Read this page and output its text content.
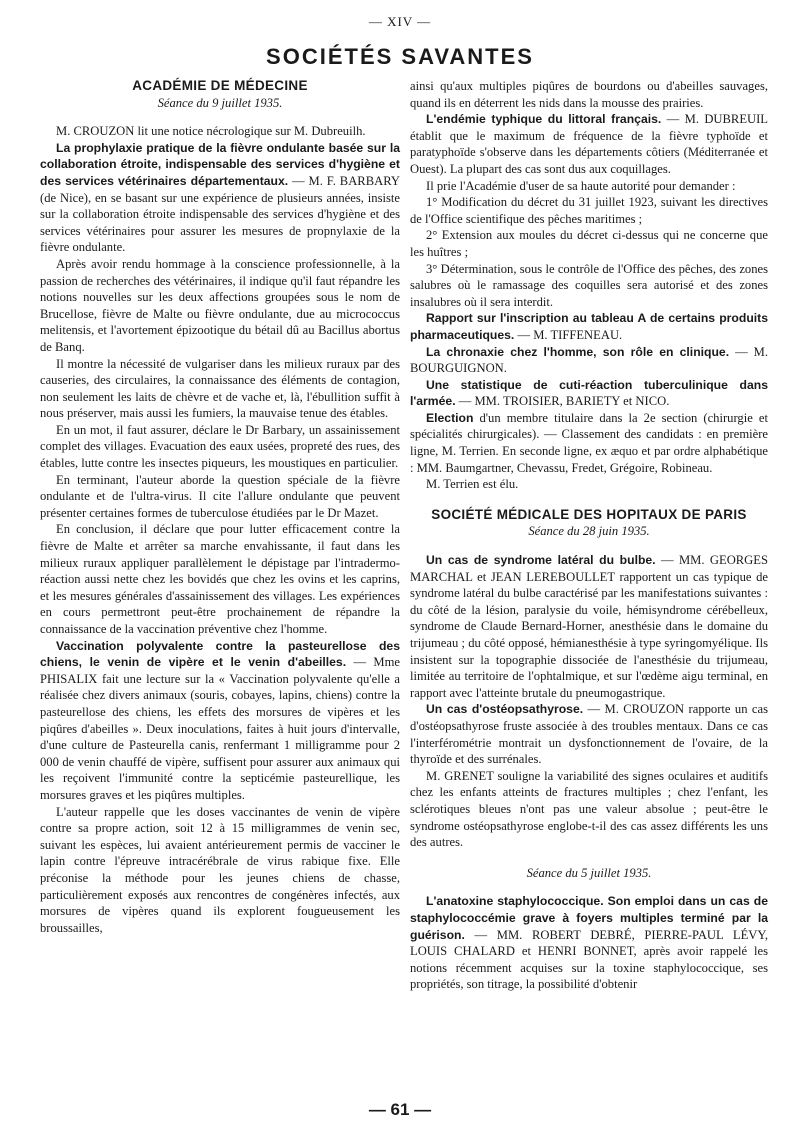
— XIV —
SOCIÉTÉS SAVANTES
ACADÉMIE DE MÉDECINE
Séance du 9 juillet 1935.

M. CROUZON lit une notice nécrologique sur M. Dubreuilh.

La prophylaxie pratique de la fièvre ondulante basée sur la collaboration étroite, indispensable des services d'hygiène et des services vétérinaires départementaux. — M. F. BARBARY (de Nice), en se basant sur une expérience de plusieurs années, insiste sur la collaboration étroite indispensable des services d'hygiène et des services vétérinaires pour assurer les mesures de propnylaxie de la fièvre ondulante.

Après avoir rendu hommage à la conscience professionnelle, à la passion de recherches des vétérinaires, il indique qu'il faut répandre les notions nouvelles sur les deux affections groupées sous le nom de Brucellose, fièvre de Malte ou fièvre ondulante, due au micrococcus melitensis, et l'avortement épizootique du bétail dû au Bacillus abortus de Banq.

Il montre la nécessité de vulgariser dans les milieux ruraux par des causeries, des circulaires, la connaissance des éléments de contagion, non seulement les laits de chèvre et de vache et, là, l'ébullition suffit à nous préserver, mais aussi les fumiers, la mauvaise tenue des étables.

En un mot, il faut assurer, déclare le Dr Barbary, un assainissement complet des villages. Evacuation des eaux usées, propreté des rues, des étables, lutte contre les insectes piqueurs, les moustiques en particulier.

En terminant, l'auteur aborde la question spéciale de la fièvre ondulante et de l'ultra-virus. Il cite l'allure ondulante que peuvent présenter certaines formes de tuberculose étudiées par le Dr Mazet.

En conclusion, il déclare que pour lutter efficacement contre la fièvre de Malte et arrêter sa marche envahissante, il faut dans les milieux ruraux appliquer parallèlement le dépistage par l'intradermo-réaction aussi nette chez les bovidés que chez les ovins et les caprins, et les mesures générales d'assainissement des villages. Les expériences en cours permettront peut-être prochainement de répandre la connaissance de la vaccination préventive chez l'homme.

Vaccination polyvalente contre la pasteurellose des chiens, le venin de vipère et le venin d'abeilles. — Mme PHISALIX fait une lecture sur la « Vaccination polyvalente qu'elle a réalisée chez divers animaux (souris, cobayes, lapins, chiens) contre la pasteurellose des chiens, les effets des morsures de vipères et les piqûres d'abeilles ». Deux inoculations, faites à huit jours d'intervalle, d'une culture de Pasteurella canis, renfermant 1 milligramme pour 2 000 de venin chauffé de vipère, suffisent pour assurer aux animaux qui les reçoivent l'immunité contre la septicémie pasteurellique, les morsures graves et les piqûres multiples.

L'auteur rappelle que les doses vaccinantes de venin de vipère contre sa propre action, soit 12 à 15 milligrammes de venin sec, suivant les espèces, lui avaient antérieurement permis de vacciner le lapin contre l'épreuve intracérébrale de virus rabique fixe. Elle préconise la méthode pour les jeunes chiens de chasse, particulièrement exposés aux rencontres de congénères infectés, aux morsures de vipères quand ils explorent fougueusement les broussailles,

ainsi qu'aux multiples piqûres de bourdons ou d'abeilles sauvages, quand ils en déterrent les nids dans la mousse des prairies.

L'endémie typhique du littoral français. — M. DUBREUIL établit que le maximum de fréquence de la fièvre typhoïde et paratyphoïde s'observe dans les départements côtiers (Méditerranée et Ouest). La plupart des cas sont dus aux coquillages.

Il prie l'Académie d'user de sa haute autorité pour demander :

1° Modification du décret du 31 juillet 1923, suivant les directives de l'Office scientifique des pêches maritimes ;

2° Extension aux moules du décret ci-dessus qui ne concerne que les huîtres ;

3° Détermination, sous le contrôle de l'Office des pêches, des zones salubres où le ramassage des coquilles sera autorisé et des zones insalubres où il sera interdit.

Rapport sur l'inscription au tableau A de certains produits pharmaceutiques. — M. TIFFENEAU.

La chronaxie chez l'homme, son rôle en clinique. — M. BOURGUIGNON.

Une statistique de cuti-réaction tuberculinique dans l'armée. — MM. TROISIER, BARIETY et NICO.

Election d'un membre titulaire dans la 2e section (chirurgie et spécialités chirurgicales). — Classement des candidats : en première ligne, M. Terrien. En seconde ligne, ex æquo et par ordre alphabétique : MM. Baumgartner, Chevassu, Fredet, Grégoire, Robineau.

M. Terrien est élu.

SOCIÉTÉ MÉDICALE DES HOPITAUX DE PARIS
Séance du 28 juin 1935.

Un cas de syndrome latéral du bulbe. — MM. GEORGES MARCHAL et JEAN LEREBOULLET rapportent un cas typique de syndrome latéral du bulbe caractérisé par les manifestations suivantes : du côté de la lésion, paralysie du voile, hémisyndrome cérébelleux, syndrome de Claude Bernard-Horner, anesthésie dans le domaine du trijumeau ; du côté opposé, hémianesthésie à type syringomyélique. Ils insistent sur la topographie dissociée de l'anesthésie du trijumeau, limitée au territoire de l'ophtalmique, et sur l'œdème aigu terminal, en rapport avec l'atteinte brutale du pneumogastrique.

Un cas d'ostéopsathyrose. — M. CROUZON rapporte un cas d'ostéopsathyrose fruste associée à des troubles mentaux. Dans ce cas l'interférométrie montrait un dysfonctionnement de l'ovaire, de la thyroïde et des surrénales.

M. GRENET souligne la variabilité des signes oculaires et auditifs chez les enfants atteints de fractures multiples ; chez l'enfant, les sclérotiques bleues n'ont pas une valeur absolue ; peut-être le syndrome ostéopsathyrose englobe-t-il des cas assez différents les uns des autres.

Séance du 5 juillet 1935.

L'anatoxine staphylococcique. Son emploi dans un cas de staphylococcémie grave à foyers multiples terminé par la guérison. — MM. ROBERT DEBRÉ, PIERRE-PAUL LÉVY, LOUIS CHALARD et HENRI BONNET, après avoir rappelé les notions récemment acquises sur la toxine staphylococcique, ses propriétés, son titrage, la possibilité d'obtenir

— 61 —
